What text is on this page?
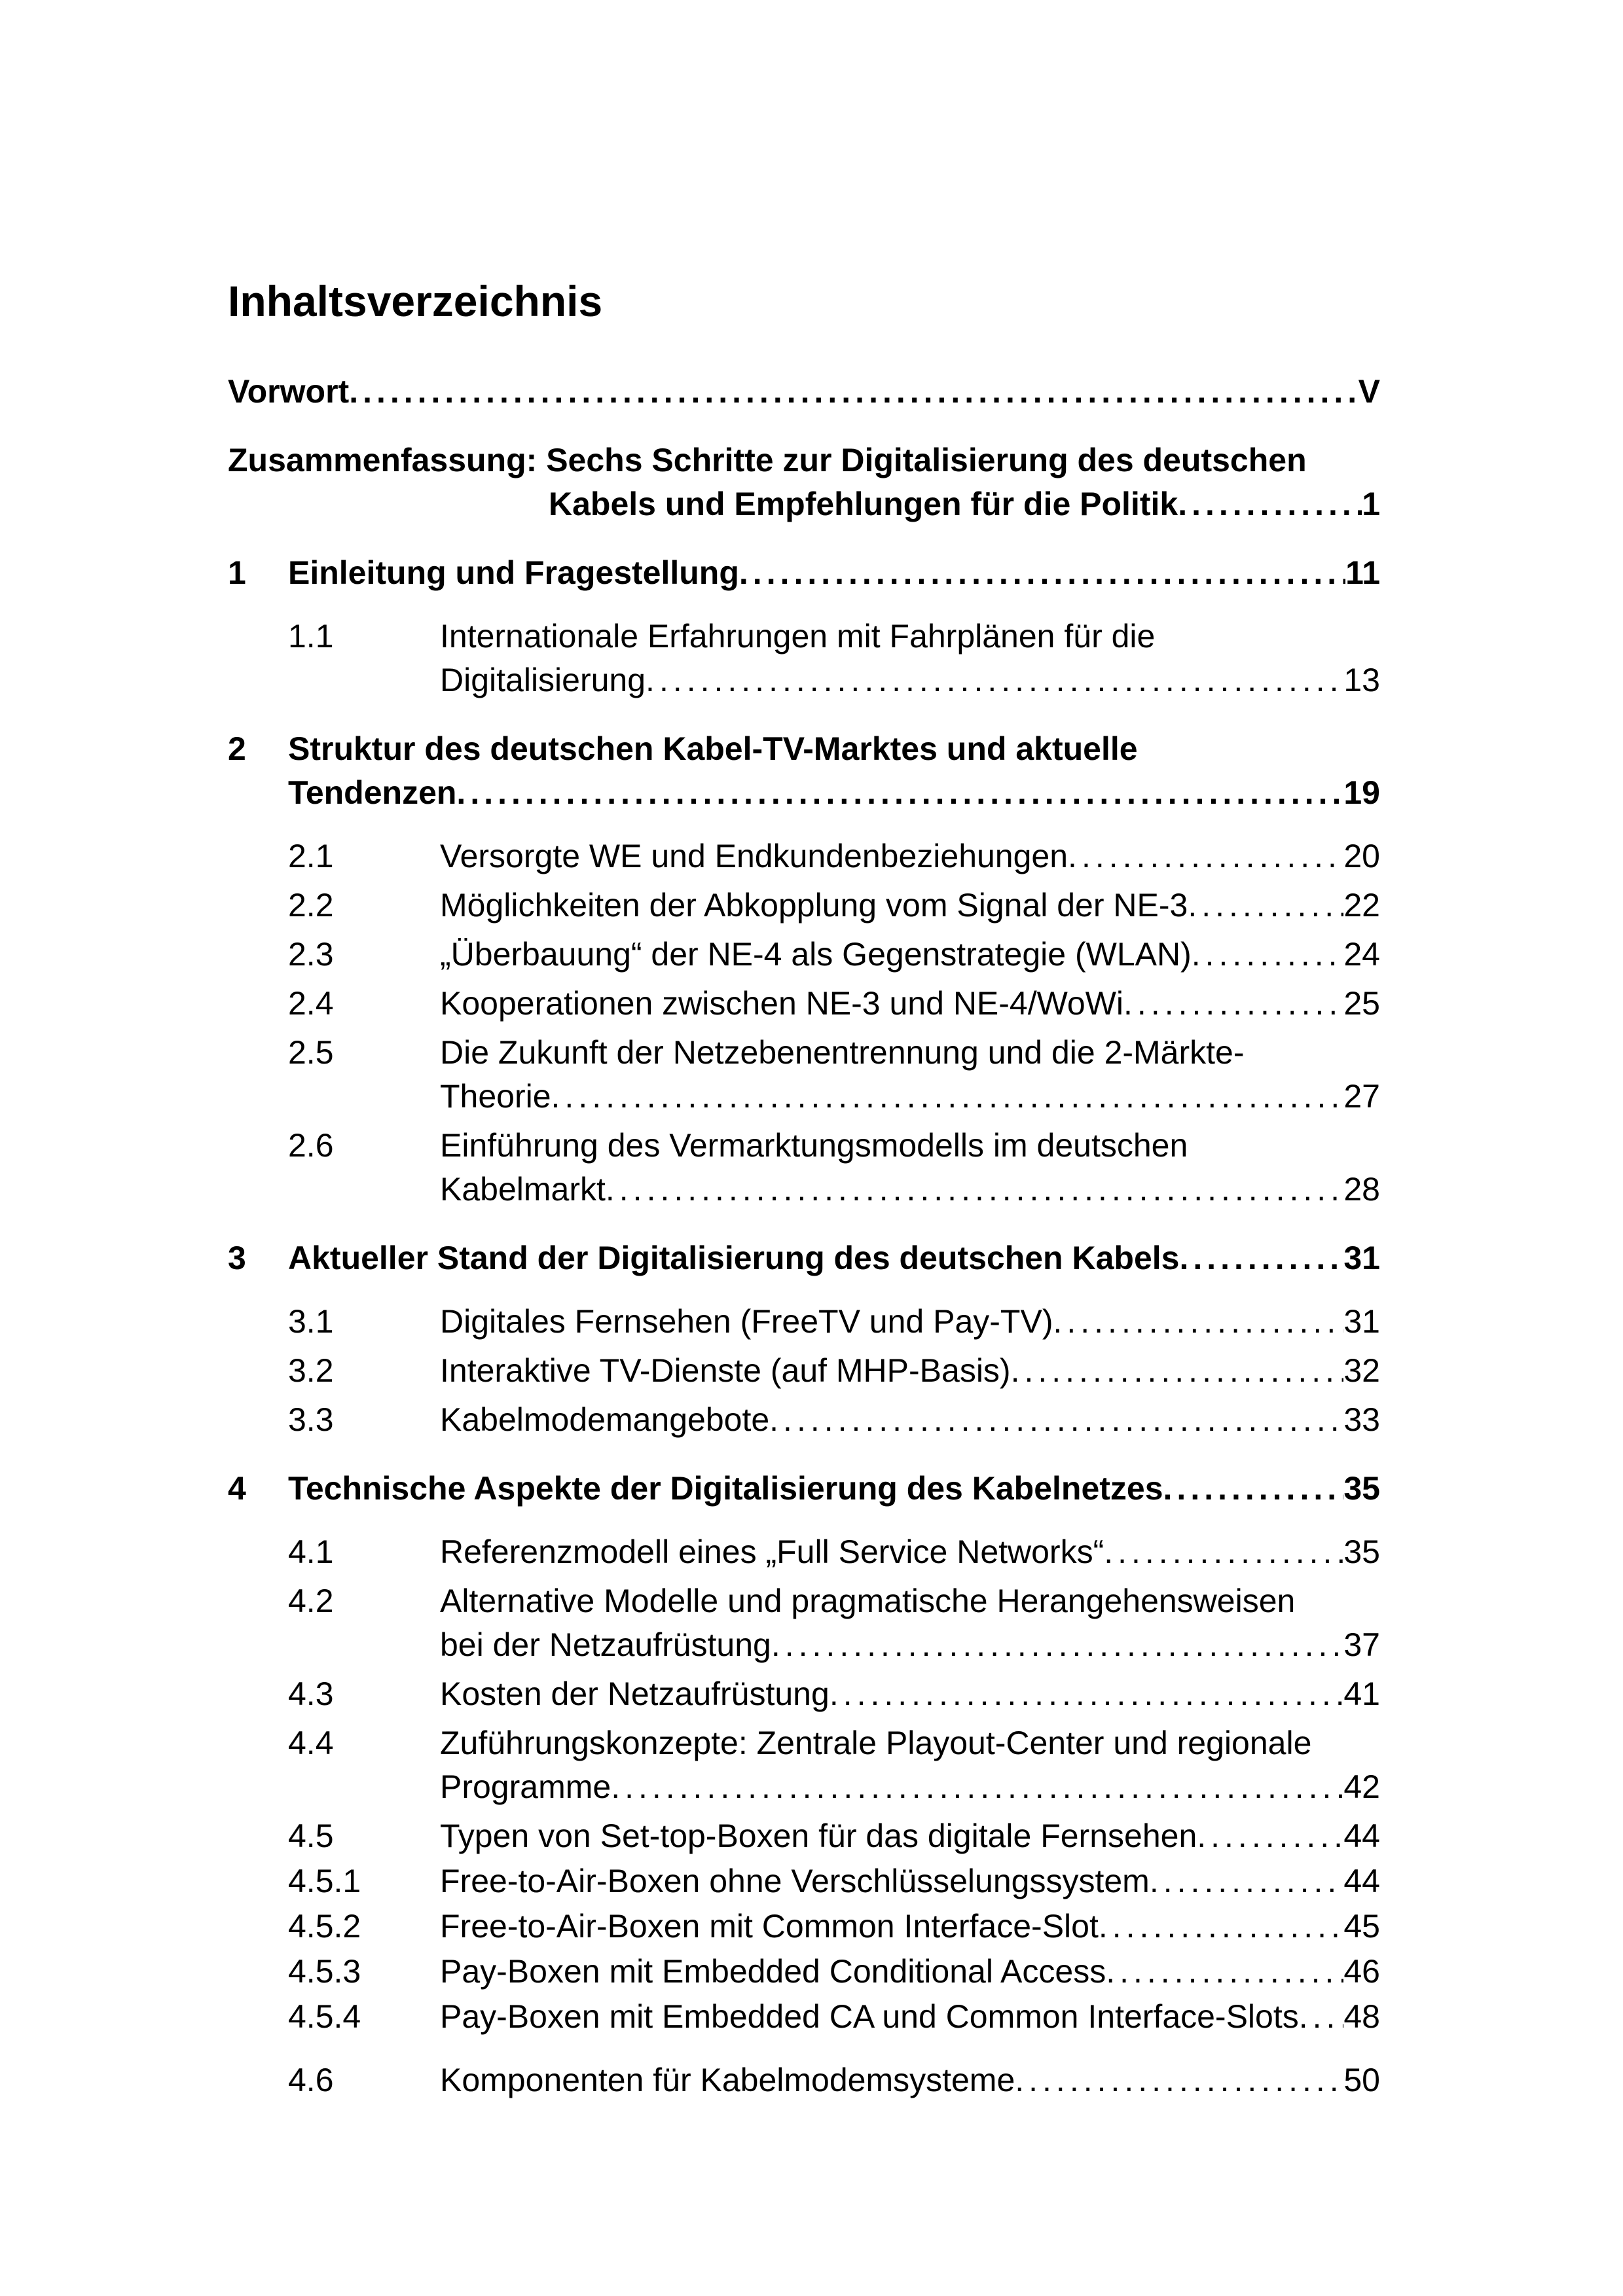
Inhaltsverzeichnis
Vorwort .....	V
Zusammenfassung: Sechs Schritte zur Digitalisierung des deutschen
Kabels und Empfehlungen für die Politik .....	1
1 Einleitung und Fragestellung .....	11
1.1	Internationale Erfahrungen mit Fahrplänen für die
Digitalisierung .....	13
2 Struktur des deutschen Kabel-TV-Marktes und aktuelle
Tendenzen .....	19
2.1	Versorgte WE und Endkundenbeziehungen .....	20
2.2	Möglichkeiten der Abkopplung vom Signal der NE-3 .....	22
2.3	„Überbauung“ der NE-4 als Gegenstrategie (WLAN) .....	24
2.4	Kooperationen zwischen NE-3 und NE-4/WoWi .....	25
2.5	Die Zukunft der Netzebenentrennung und die 2-Märkte-
Theorie .....	27
2.6	Einführung des Vermarktungsmodells im deutschen
Kabelmarkt .....	28
3 Aktueller Stand der Digitalisierung des deutschen Kabels .....	31
3.1	Digitales Fernsehen (FreeTV und Pay-TV) .....	31
3.2	Interaktive TV-Dienste (auf MHP-Basis) .....	32
3.3	Kabelmodemangebote .....	33
4 Technische Aspekte der Digitalisierung des Kabelnetzes .....	35
4.1	Referenzmodell eines „Full Service Networks“ .....	35
4.2	Alternative Modelle und pragmatische Herangehensweisen
bei der Netzaufrüstung .....	37
4.3	Kosten der Netzaufrüstung .....	41
4.4	Zuführungskonzepte: Zentrale Playout-Center und regionale
Programme .....	42
4.5	Typen von Set-top-Boxen für das digitale Fernsehen .....	44
4.5.1 Free-to-Air-Boxen ohne Verschlüsselungssystem .....	44
4.5.2 Free-to-Air-Boxen mit Common Interface-Slot .....	45
4.5.3 Pay-Boxen mit Embedded Conditional Access .....	46
4.5.4 Pay-Boxen mit Embedded CA und Common Interface-Slots ..... 48
4.6	Komponenten für Kabelmodemsysteme .....	50
